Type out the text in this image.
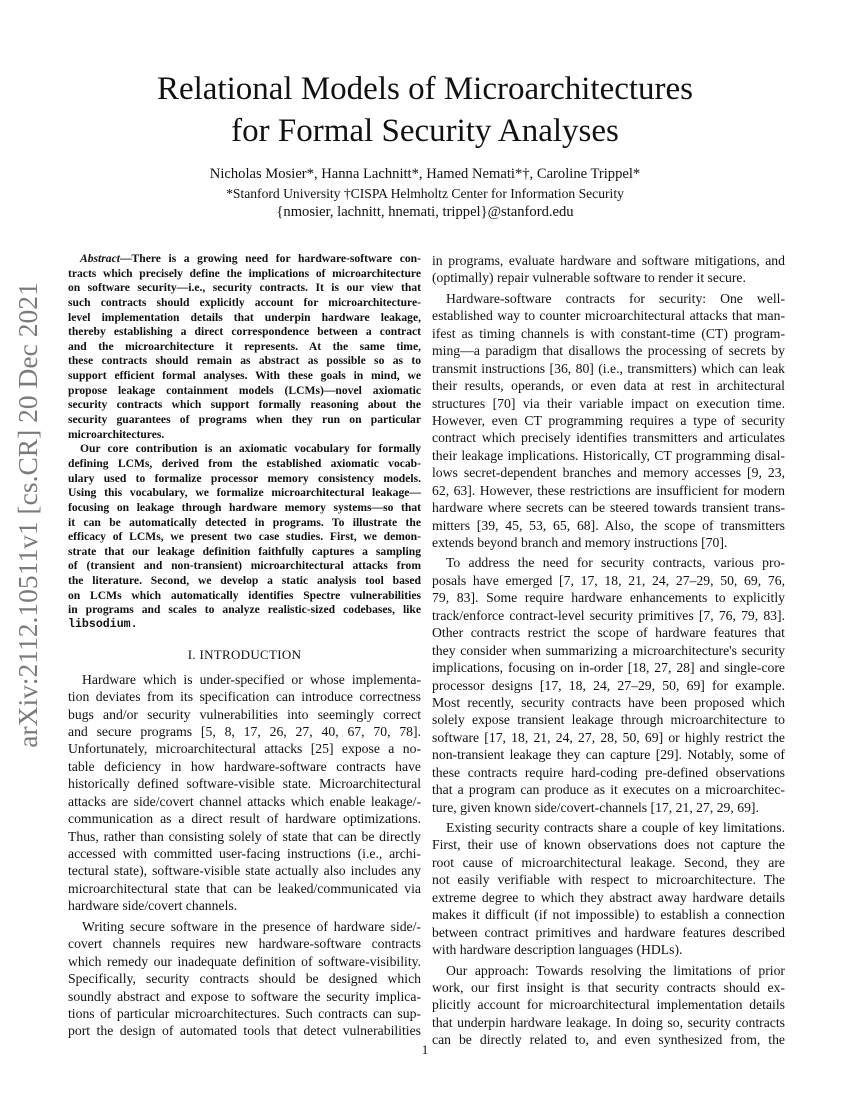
arXiv:2112.10511v1 [cs.CR] 20 Dec 2021
Relational Models of Microarchitectures
for Formal Security Analyses
Nicholas Mosier*, Hanna Lachnitt*, Hamed Nemati*†, Caroline Trippel*
*Stanford University †CISPA Helmholtz Center for Information Security
{nmosier, lachnitt, hnemati, trippel}@stanford.edu
Abstract—There is a growing need for hardware-software con-
tracts which precisely define the implications of microarchitecture
on software security—i.e., security contracts. It is our view that
such contracts should explicitly account for microarchitecture-
level implementation details that underpin hardware leakage,
thereby establishing a direct correspondence between a contract
and the microarchitecture it represents. At the same time,
these contracts should remain as abstract as possible so as to
support efficient formal analyses. With these goals in mind, we
propose leakage containment models (LCMs)—novel axiomatic
security contracts which support formally reasoning about the
security guarantees of programs when they run on particular
microarchitectures.
Our core contribution is an axiomatic vocabulary for formally
defining LCMs, derived from the established axiomatic vocab-
ulary used to formalize processor memory consistency models.
Using this vocabulary, we formalize microarchitectural leakage—
focusing on leakage through hardware memory systems—so that
it can be automatically detected in programs. To illustrate the
efficacy of LCMs, we present two case studies. First, we demon-
strate that our leakage definition faithfully captures a sampling
of (transient and non-transient) microarchitectural attacks from
the literature. Second, we develop a static analysis tool based
on LCMs which automatically identifies Spectre vulnerabilities
in programs and scales to analyze realistic-sized codebases, like
libsodium.
I. INTRODUCTION
Hardware which is under-specified or whose implementa-
tion deviates from its specification can introduce correctness
bugs and/or security vulnerabilities into seemingly correct
and secure programs [5, 8, 17, 26, 27, 40, 67, 70, 78].
Unfortunately, microarchitectural attacks [25] expose a no-
table deficiency in how hardware-software contracts have
historically defined software-visible state. Microarchitectural
attacks are side/covert channel attacks which enable leakage/-
communication as a direct result of hardware optimizations.
Thus, rather than consisting solely of state that can be directly
accessed with committed user-facing instructions (i.e., archi-
tectural state), software-visible state actually also includes any
microarchitectural state that can be leaked/communicated via
hardware side/covert channels.
Writing secure software in the presence of hardware side/-
covert channels requires new hardware-software contracts
which remedy our inadequate definition of software-visibility.
Specifically, security contracts should be designed which
soundly abstract and expose to software the security implica-
tions of particular microarchitectures. Such contracts can sup-
port the design of automated tools that detect vulnerabilities
in programs, evaluate hardware and software mitigations, and
(optimally) repair vulnerable software to render it secure.
Hardware-software contracts for security: One well-
established way to counter microarchitectural attacks that man-
ifest as timing channels is with constant-time (CT) program-
ming—a paradigm that disallows the processing of secrets by
transmit instructions [36, 80] (i.e., transmitters) which can leak
their results, operands, or even data at rest in architectural
structures [70] via their variable impact on execution time.
However, even CT programming requires a type of security
contract which precisely identifies transmitters and articulates
their leakage implications. Historically, CT programming disal-
lows secret-dependent branches and memory accesses [9, 23,
62, 63]. However, these restrictions are insufficient for modern
hardware where secrets can be steered towards transient trans-
mitters [39, 45, 53, 65, 68]. Also, the scope of transmitters
extends beyond branch and memory instructions [70].
To address the need for security contracts, various pro-
posals have emerged [7, 17, 18, 21, 24, 27–29, 50, 69, 76,
79, 83]. Some require hardware enhancements to explicitly
track/enforce contract-level security primitives [7, 76, 79, 83].
Other contracts restrict the scope of hardware features that
they consider when summarizing a microarchitecture's security
implications, focusing on in-order [18, 27, 28] and single-core
processor designs [17, 18, 24, 27–29, 50, 69] for example.
Most recently, security contracts have been proposed which
solely expose transient leakage through microarchitecture to
software [17, 18, 21, 24, 27, 28, 50, 69] or highly restrict the
non-transient leakage they can capture [29]. Notably, some of
these contracts require hard-coding pre-defined observations
that a program can produce as it executes on a microarchitec-
ture, given known side/covert-channels [17, 21, 27, 29, 69].
Existing security contracts share a couple of key limitations.
First, their use of known observations does not capture the
root cause of microarchitectural leakage. Second, they are
not easily verifiable with respect to microarchitecture. The
extreme degree to which they abstract away hardware details
makes it difficult (if not impossible) to establish a connection
between contract primitives and hardware features described
with hardware description languages (HDLs).
Our approach: Towards resolving the limitations of prior
work, our first insight is that security contracts should ex-
plicitly account for microarchitectural implementation details
that underpin hardware leakage. In doing so, security contracts
can be directly related to, and even synthesized from, the
1
